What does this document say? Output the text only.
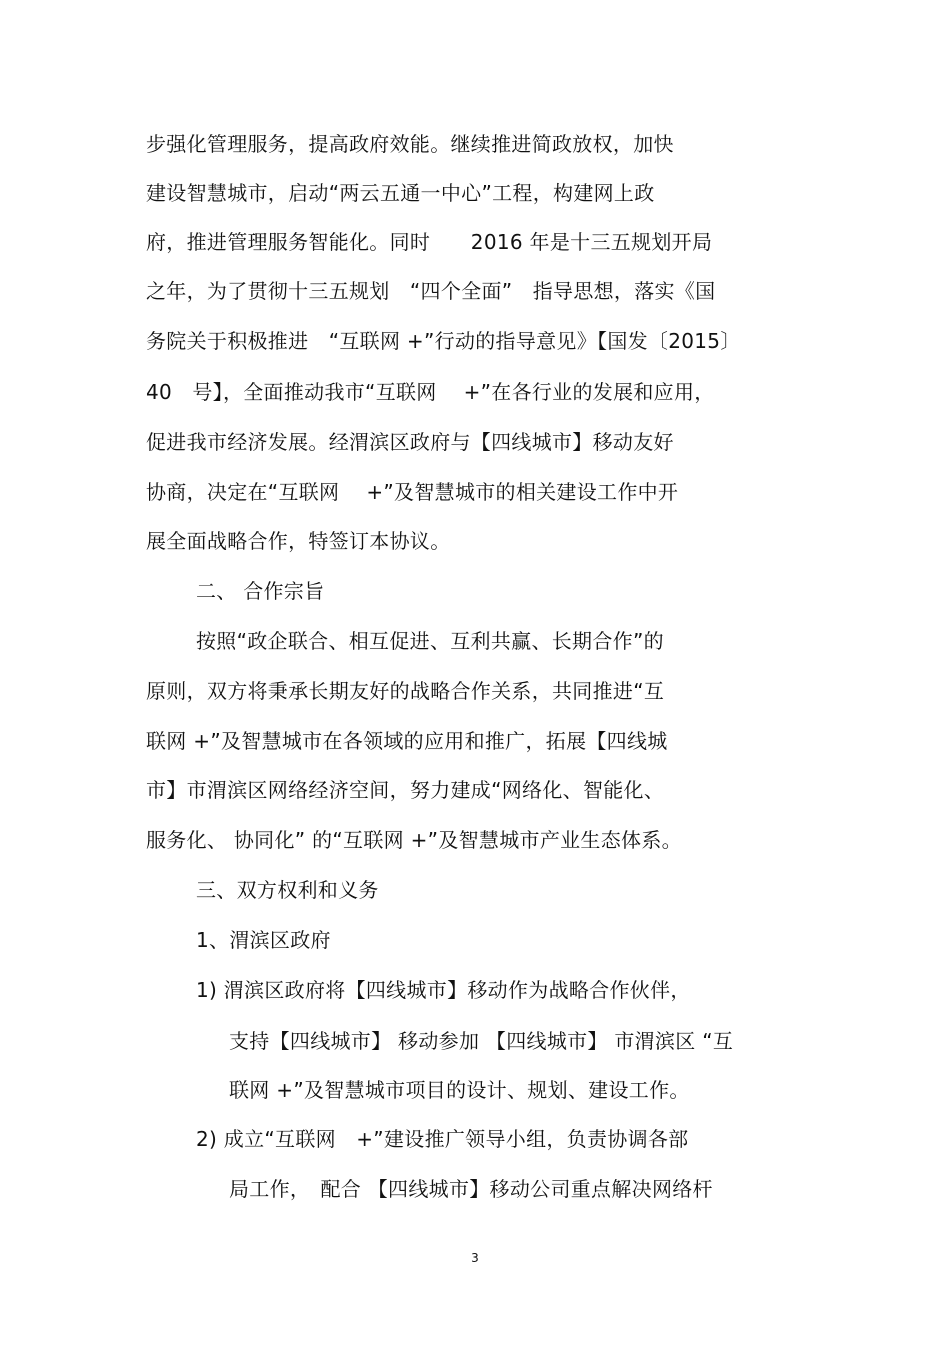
步强化管理服务，提高政府效能。继续推进简政放权，加快
建设智慧城市，启动“两云五通一中心”工程，构建网上政
府，推进管理服务智能化。同时　　2016 年是十三五规划开局
之年，为了贯彻十三五规划　“四个全面”　指导思想，落实《国
务院关于积极推进　“互联网 +”行动的指导意见》【国发〔2015〕
40　号】，全面推动我市“互联网　 +”在各行业的发展和应用，
促进我市经济发展。经渭滨区政府与【四线城市】移动友好
协商，决定在“互联网　 +”及智慧城市的相关建设工作中开
展全面战略合作，特签订本协议。
二、 合作宗旨
按照“政企联合、相互促进、互利共赢、长期合作”的
原则，双方将秉承长期友好的战略合作关系，共同推进“互
联网 +”及智慧城市在各领域的应用和推广，拓展【四线城
市】市渭滨区网络经济空间，努力建成“网络化、智能化、
服务化、 协同化” 的“互联网 +”及智慧城市产业生态体系。
三、双方权利和义务
1、渭滨区政府
1) 渭滨区政府将【四线城市】移动作为战略合作伙伴，
支持【四线城市】 移动参加 【四线城市】 市渭滨区 “互
联网 +”及智慧城市项目的设计、规划、建设工作。
2) 成立“互联网　+”建设推广领导小组，负责协调各部
局工作，　配合 【四线城市】移动公司重点解决网络杆
3
